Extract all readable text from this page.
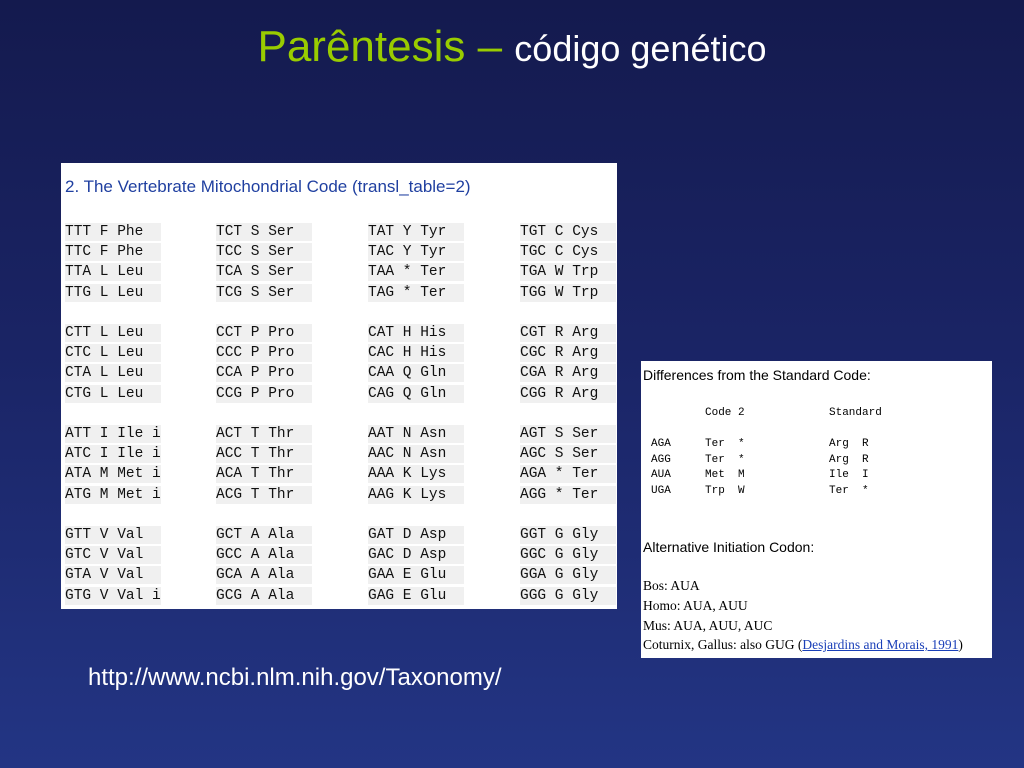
Parêntesis – código genético
2. The Vertebrate Mitochondrial Code (transl_table=2)
TTT F Phe	TCT S Ser	TAT Y Tyr	TGT C Cys
TTC F Phe	TCC S Ser	TAC Y Tyr	TGC C Cys
TTA L Leu	TCA S Ser	TAA * Ter	TGA W Trp
TTG L Leu	TCG S Ser	TAG * Ter	TGG W Trp
CTT L Leu	CCT P Pro	CAT H His	CGT R Arg
CTC L Leu	CCC P Pro	CAC H His	CGC R Arg
CTA L Leu	CCA P Pro	CAA Q Gln	CGA R Arg
CTG L Leu	CCG P Pro	CAG Q Gln	CGG R Arg
ATT I Ile i	ACT T Thr	AAT N Asn	AGT S Ser
ATC I Ile i	ACC T Thr	AAC N Asn	AGC S Ser
ATA M Met i	ACA T Thr	AAA K Lys	AGA * Ter
ATG M Met i	ACG T Thr	AAG K Lys	AGG * Ter
GTT V Val	GCT A Ala	GAT D Asp	GGT G Gly
GTC V Val	GCC A Ala	GAC D Asp	GGC G Gly
GTA V Val	GCA A Ala	GAA E Glu	GGA G Gly
GTG V Val i	GCG A Ala	GAG E Glu	GGG G Gly
Differences from the Standard Code:
Code 2	Standard
AGA	Ter  *	Arg  R
AGG	Ter  *	Arg  R
AUA	Met  M	Ile  I
UGA	Trp  W	Ter  *
Alternative Initiation Codon:
Bos: AUA
Homo: AUA, AUU
Mus: AUA, AUU, AUC
Coturnix, Gallus: also GUG (Desjardins and Morais, 1991)
http://www.ncbi.nlm.nih.gov/Taxonomy/
